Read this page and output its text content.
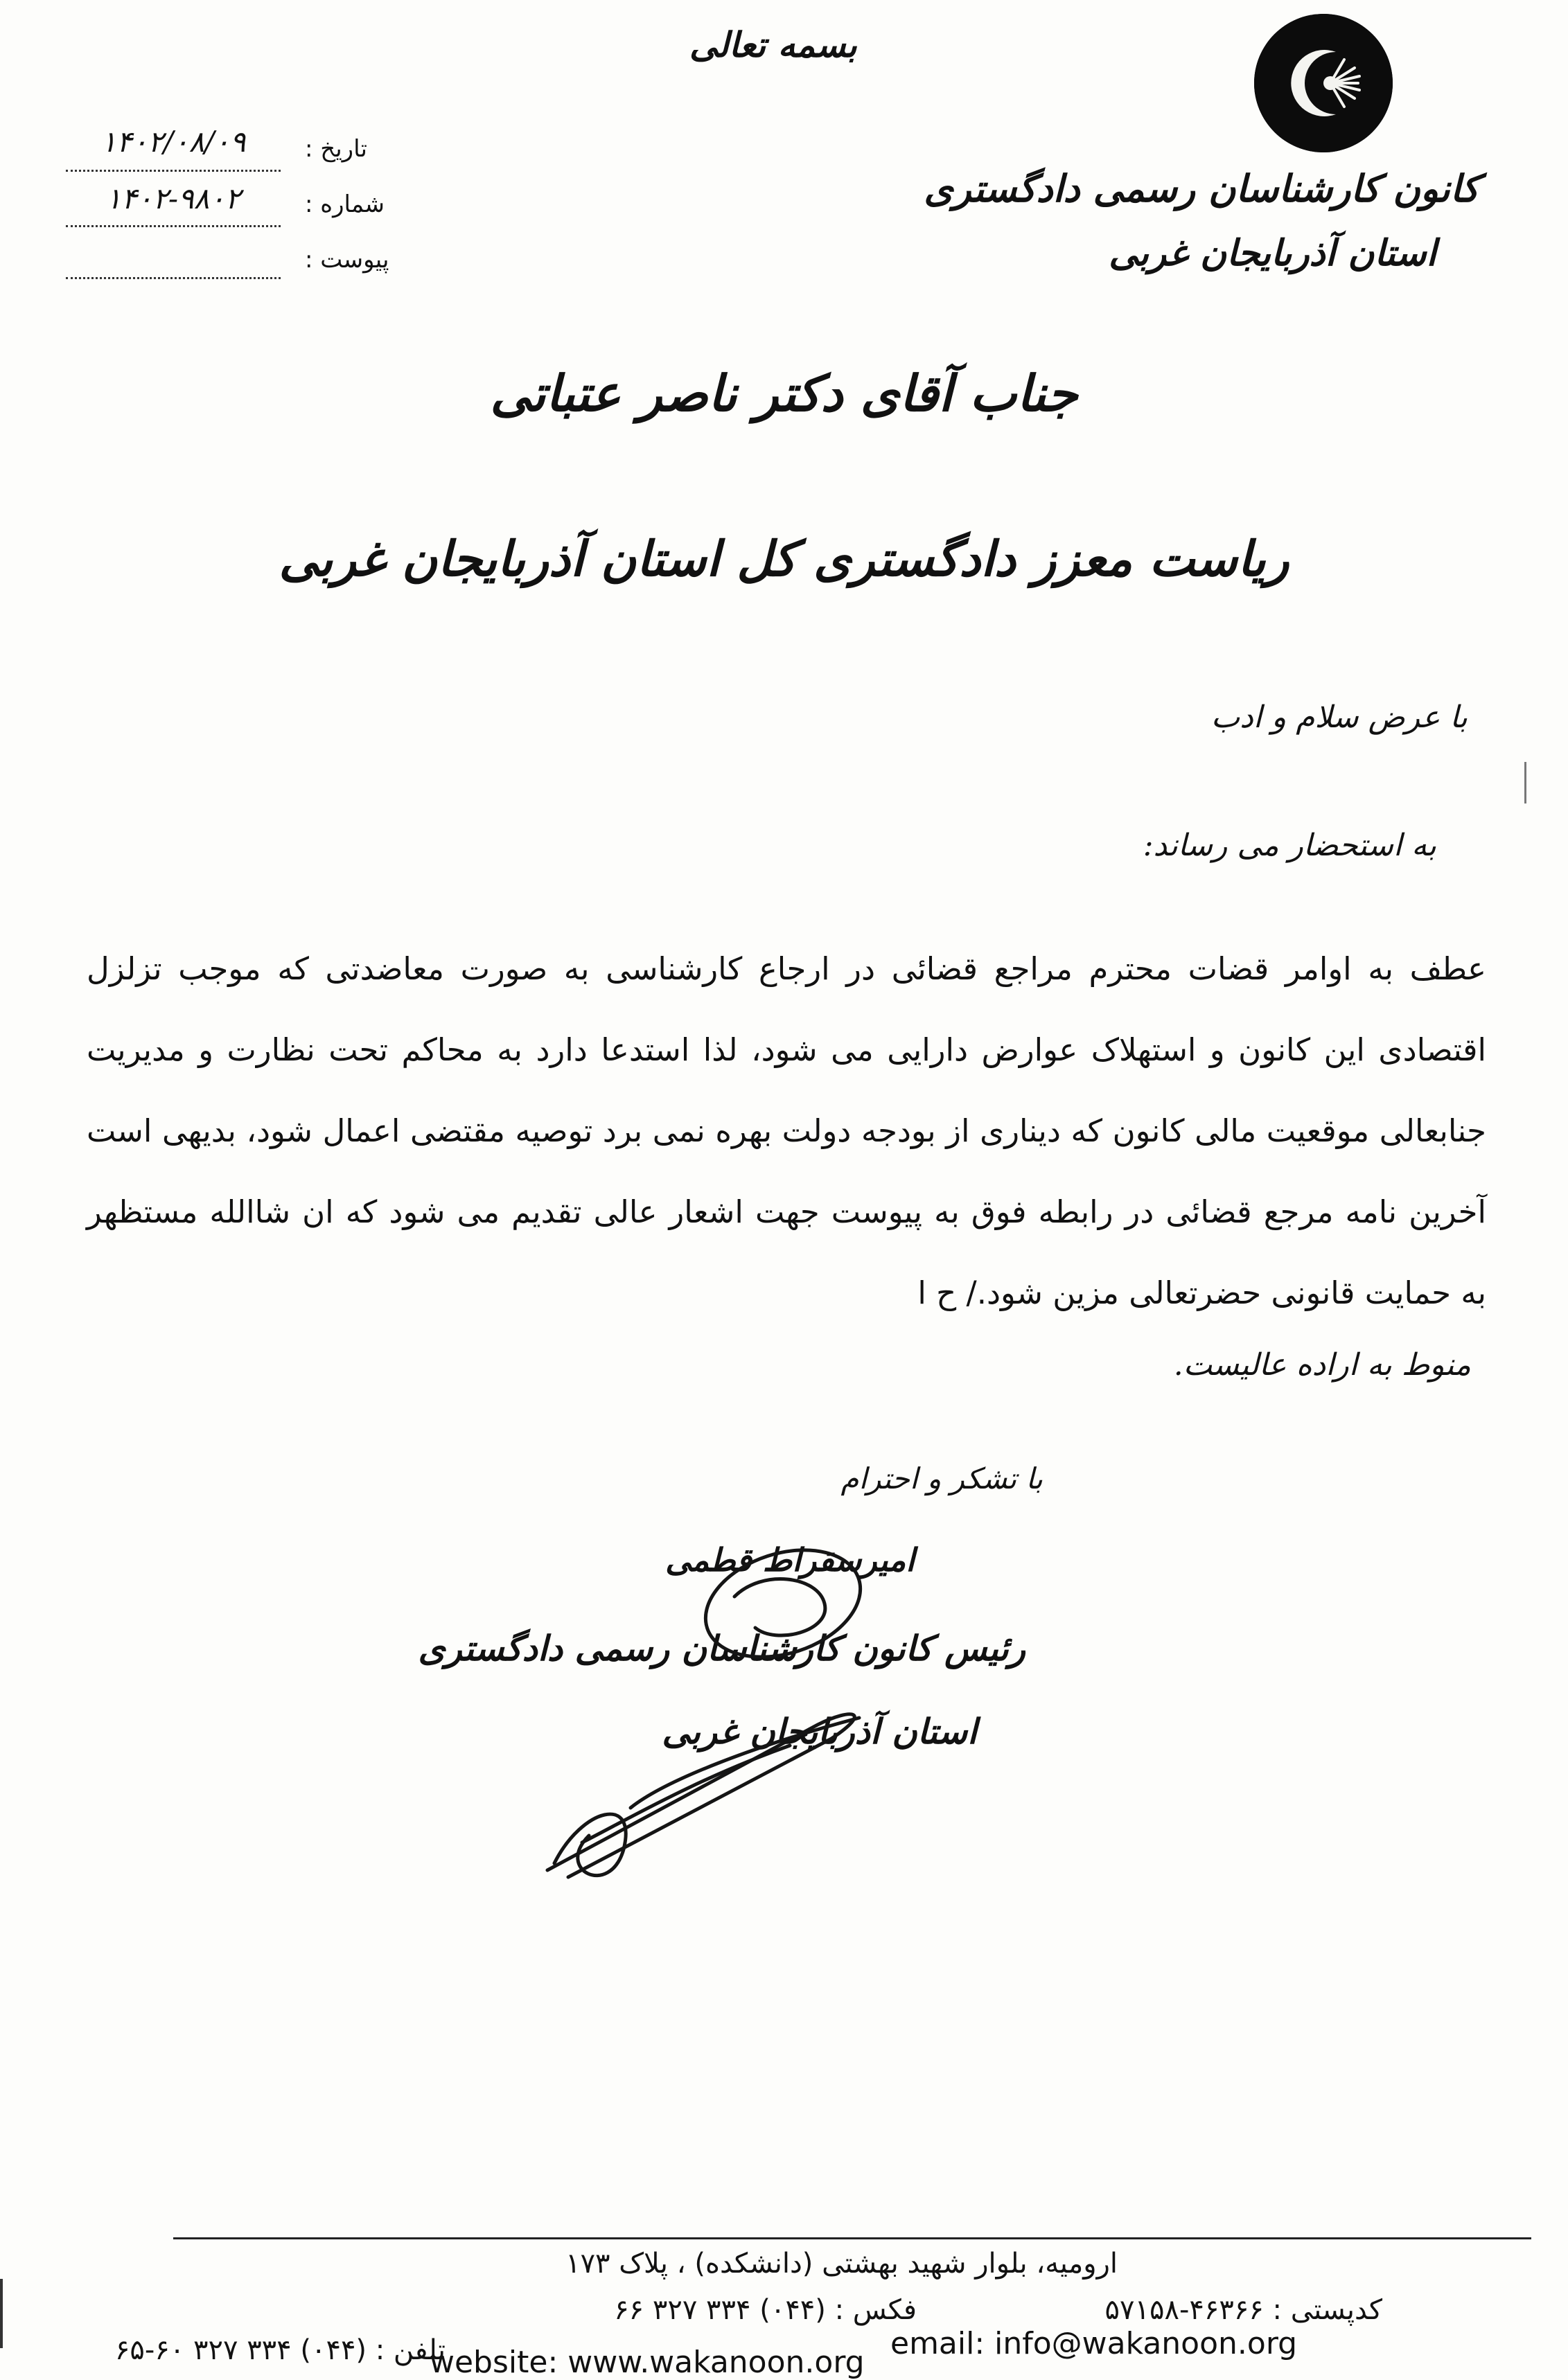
کانون کارشناسان رسمی دادگستری
استان آذربایجان غربی
بسمه تعالی
تاریخ :
۱۴۰۲/۰۸/۰۹
شماره :
۱۴۰۲-۹۸۰۲
پیوست :
جناب آقای دکتر ناصر عتباتی
ریاست معزز دادگستری کل استان آذربایجان غربی
با عرض سلام و ادب
به استحضار می رساند:
عطف به اوامر قضات محترم مراجع قضائی در ارجاع کارشناسی به صورت معاضدتی که موجب تزلزل اقتصادی این کانون و استهلاک عوارض دارایی می شود، لذا استدعا دارد به محاکم تحت نظارت و مدیریت جنابعالی موقعیت مالی کانون که دیناری از بودجه دولت بهره نمی برد توصیه مقتضی اعمال شود، بدیهی است آخرین نامه مرجع قضائی در رابطه فوق به پیوست جهت اشعار عالی تقدیم می شود که ان شاالله مستظهر به حمایت قانونی حضرتعالی مزین شود./ ح ا
منوط به اراده عالیست.
با تشکر و احترام
امیرسقراط قطمی
رئیس کانون کارشناسان رسمی دادگستری
استان آذربایجان غربی
ارومیه، بلوار شهید بهشتی (دانشکده) ، پلاک ۱۷۳
کدپستی : ۴۶۳۶۶-۵۷۱۵۸
فکس : (۰۴۴) ۳۳۴ ۳۲۷ ۶۶
تلفن : (۰۴۴) ۳۳۴ ۳۲۷ ۶۰-۶۵	email: info@wakanoon.org
website: www.wakanoon.org
